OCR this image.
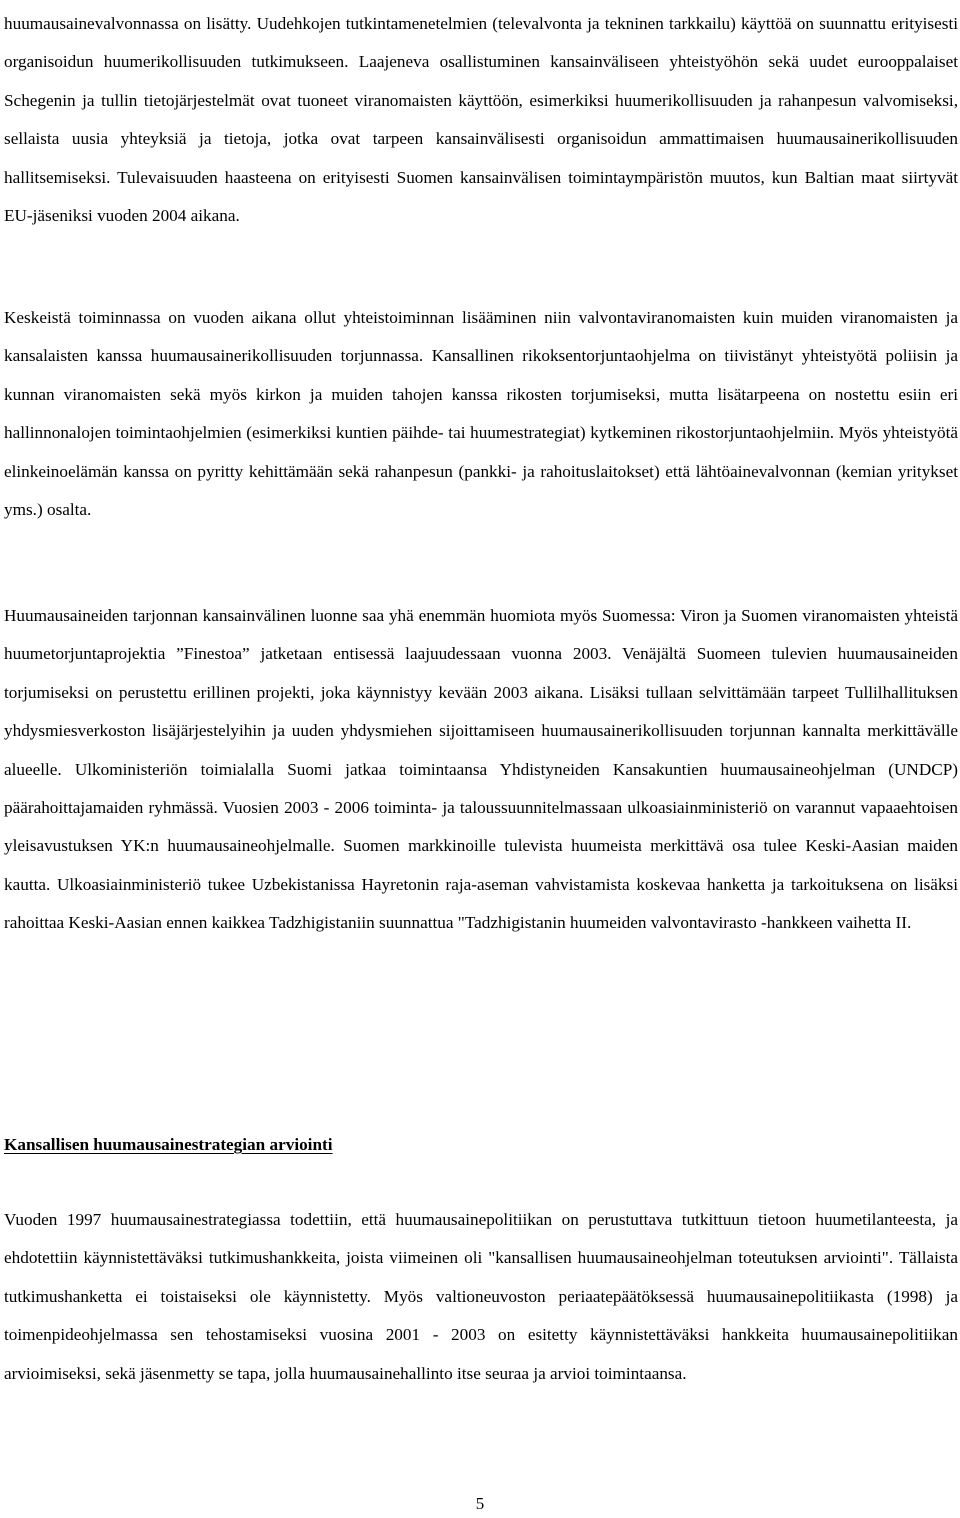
huumausainevalvonnassa on lisätty. Uudehkojen tutkintamenetelmien (televalvonta ja tekninen tarkkailu) käyttöä on suunnattu erityisesti organisoidun huumerikollisuuden tutkimukseen. Laajeneva osallistuminen kansainväliseen yhteistyöhön sekä uudet eurooppalaiset Schegenin ja tullin tietojärjestelmät ovat tuoneet viranomaisten käyttöön, esimerkiksi huumerikollisuuden ja rahanpesun valvomiseksi, sellaista uusia yhteyksiä ja tietoja, jotka ovat tarpeen kansainvälisesti organisoidun ammattimaisen huumausainerikollisuuden hallitsemiseksi. Tulevaisuuden haasteena on erityisesti Suomen kansainvälisen toimintaympäristön muutos, kun Baltian maat siirtyvät EU-jäseniksi vuoden 2004 aikana.

Keskeistä toiminnassa on vuoden aikana ollut yhteistoiminnan lisääminen niin valvontaviranomaisten kuin muiden viranomaisten ja kansalaisten kanssa huumausainerikollisuuden torjunnassa. Kansallinen rikoksentorjuntaohjelma on tiivistänyt yhteistyötä poliisin ja kunnan viranomaisten sekä myös kirkon ja muiden tahojen kanssa rikosten torjumiseksi, mutta lisätarpeena on nostettu esiin eri hallinnonalojen toimintaohjelmien (esimerkiksi kuntien päihde- tai huumestrategiat) kytkeminen rikostorjuntaohjelmiin. Myös yhteistyötä elinkeinoelämän kanssa on pyritty kehittämään sekä rahanpesun (pankki- ja rahoituslaitokset) että lähtöainevalvonnan (kemian yritykset yms.) osalta.

Huumausaineiden tarjonnan kansainvälinen luonne saa yhä enemmän huomiota myös Suomessa: Viron ja Suomen viranomaisten yhteistä huumetorjuntaprojektia ”Finestoa” jatketaan entisessä laajuudessaan vuonna 2003. Venäjältä Suomeen tulevien huumausaineiden torjumiseksi on perustettu erillinen projekti, joka käynnistyy kevään 2003 aikana. Lisäksi tullaan selvittämään tarpeet Tullilhallituksen yhdysmiesverkoston lisäjärjestelyihin ja uuden yhdysmiehen sijoittamiseen huumausainerikollisuuden torjunnan kannalta merkittävälle alueelle. Ulkoministeriön toimialalla Suomi jatkaa toimintaansa Yhdistyneiden Kansakuntien huumausaineohjelman (UNDCP) päärahoittajamaiden ryhmässä. Vuosien 2003 - 2006 toiminta- ja taloussuunnitelmassaan ulkoasiainministeriö on varannut vapaaehtoisen yleisavustuksen YK:n huumausaineohjelmalle. Suomen markkinoille tulevista huumeista merkittävä osa tulee Keski-Aasian maiden kautta. Ulkoasiainministeriö tukee Uzbekistanissa Hayretonin raja-aseman vahvistamista koskevaa hanketta ja tarkoituksena on lisäksi rahoittaa Keski-Aasian ennen kaikkea Tadzhigistaniin suunnattua "Tadzhigistanin huumeiden valvontavirasto -hankkeen vaihetta II.

Kansallisen huumausainestrategian arviointi

Vuoden 1997 huumausainestrategiassa todettiin, että huumausainepolitiikan on perustuttava tutkittuun tietoon huumetilanteesta, ja ehdotettiin käynnistettäväksi tutkimushankkeita, joista viimeinen oli "kansallisen huumausaineohjelman toteutuksen arviointi". Tällaista tutkimushanketta ei toistaiseksi ole käynnistetty. Myös valtioneuvoston periaatepäätöksessä huumausainepolitiikasta (1998) ja toimenpideohjelmassa sen tehostamiseksi vuosina 2001 - 2003 on esitetty käynnistettäväksi hankkeita huumausainepolitiikan arvioimiseksi, sekä jäsenmetty se tapa, jolla huumausainehallinto itse seuraa ja arvioi toimintaansa.

5
